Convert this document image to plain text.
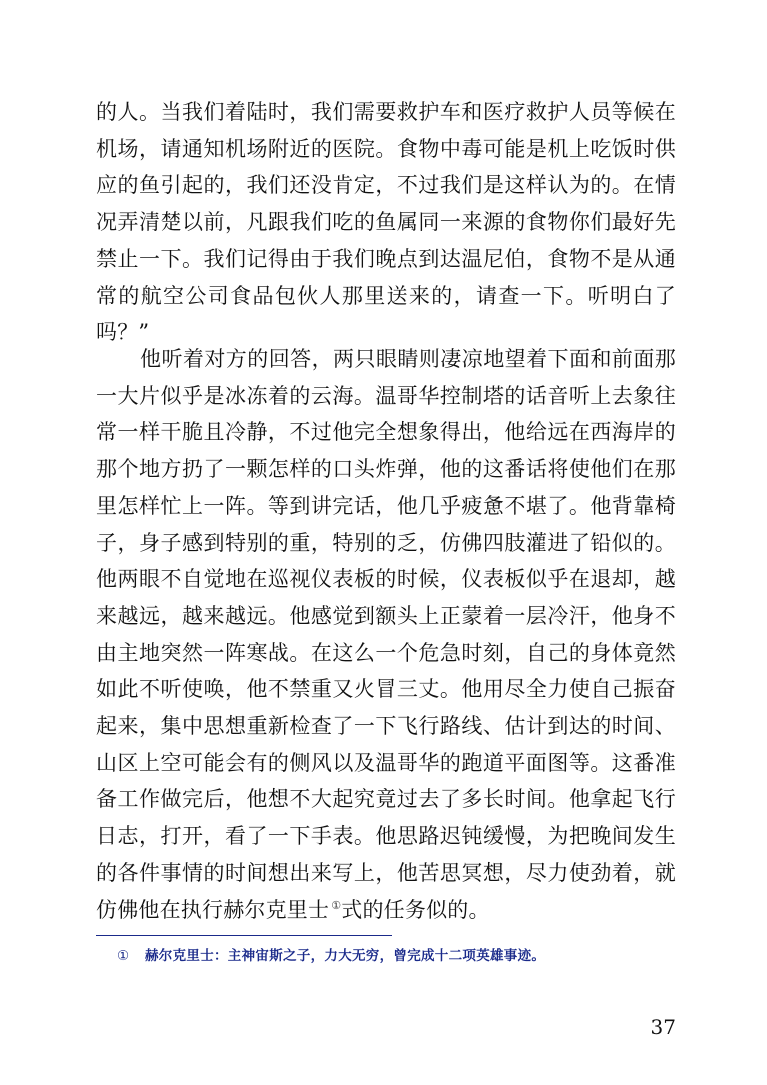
的人。当我们着陆时，我们需要救护车和医疗救护人员等候在机场，请通知机场附近的医院。食物中毒可能是机上吃饭时供应的鱼引起的，我们还没肯定，不过我们是这样认为的。在情况弄清楚以前，凡跟我们吃的鱼属同一来源的食物你们最好先禁止一下。我们记得由于我们晚点到达温尼伯，食物不是从通常的航空公司食品包伙人那里送来的，请查一下。听明白了吗？”

他听着对方的回答，两只眼睛则凄凉地望着下面和前面那一大片似乎是冰冻着的云海。温哥华控制塔的话音听上去象往常一样干脆且冷静，不过他完全想象得出，他给远在西海岸的那个地方扔了一颗怎样的口头炸弹，他的这番话将使他们在那里怎样忙上一阵。等到讲完话，他几乎疲惫不堪了。他背靠椅子，身子感到特别的重，特别的乏，仿佛四肢灌进了铅似的。他两眼不自觉地在巡视仪表板的时候，仪表板似乎在退却，越来越远，越来越远。他感觉到额头上正蒙着一层冷汗，他身不由主地突然一阵寒战。在这么一个危急时刻，自己的身体竟然如此不听使唤，他不禁重又火冒三丈。他用尽全力使自己振奋起来，集中思想重新检查了一下飞行路线、估计到达的时间、山区上空可能会有的侧风以及温哥华的跑道平面图等。这番准备工作做完后，他想不大起究竟过去了多长时间。他拿起飞行日志，打开，看了一下手表。他思路迟钝缓慢，为把晚间发生的各件事情的时间想出来写上，他苦思冥想，尽力使劲着，就仿佛他在执行赫尔克里士 ①式的任务似的。

① 赫尔克里士：主神宙斯之子，力大无穷，曾完成十二项英雄事迹。
37
